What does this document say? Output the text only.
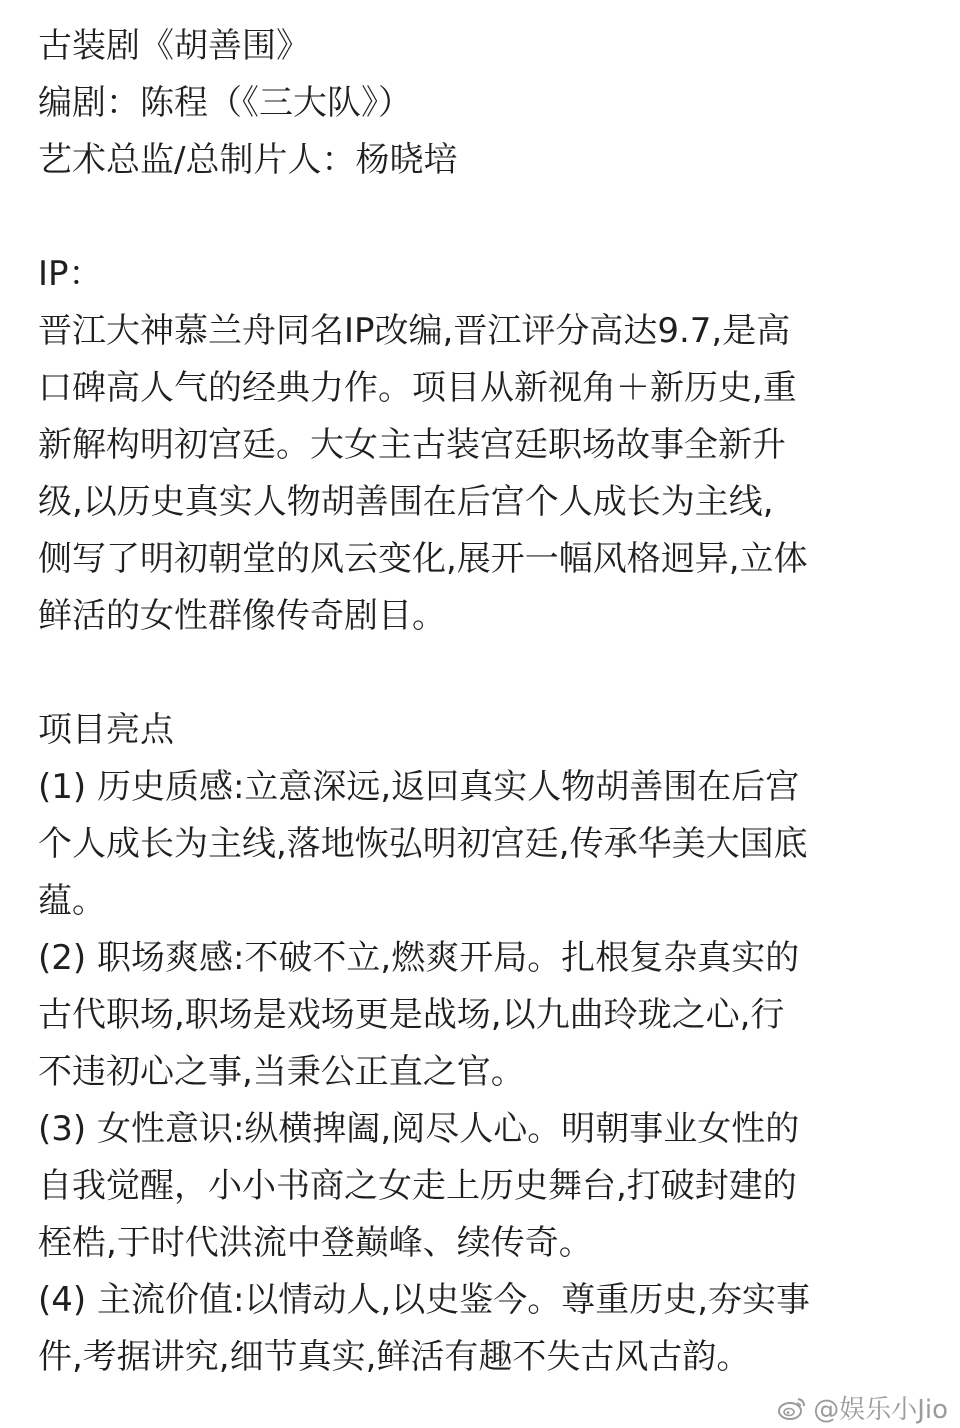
古装剧《胡善围》
编剧：陈程（《三大队》）
艺术总监/总制片人：杨晓培
IP：
晋江大神慕兰舟同名IP改编,晋江评分高达9.7,是高
口碑高人气的经典力作。项目从新视角＋新历史,重
新解构明初宫廷。大女主古装宫廷职场故事全新升
级,以历史真实人物胡善围在后宫个人成长为主线,
侧写了明初朝堂的风云变化,展开一幅风格迥异,立体
鲜活的女性群像传奇剧目。
项目亮点
(1) 历史质感:立意深远,返回真实人物胡善围在后宫
个人成长为主线,落地恢弘明初宫廷,传承华美大国底
蕴。
(2) 职场爽感:不破不立,燃爽开局。扎根复杂真实的
古代职场,职场是戏场更是战场,以九曲玲珑之心,行
不违初心之事,当秉公正直之官。
(3) 女性意识:纵横捭阖,阅尽人心。明朝事业女性的
自我觉醒，小小书商之女走上历史舞台,打破封建的
桎梏,于时代洪流中登巅峰、续传奇。
(4) 主流价值:以情动人,以史鉴今。尊重历史,夯实事
件,考据讲究,细节真实,鲜活有趣不失古风古韵。
@娱乐小Jio
